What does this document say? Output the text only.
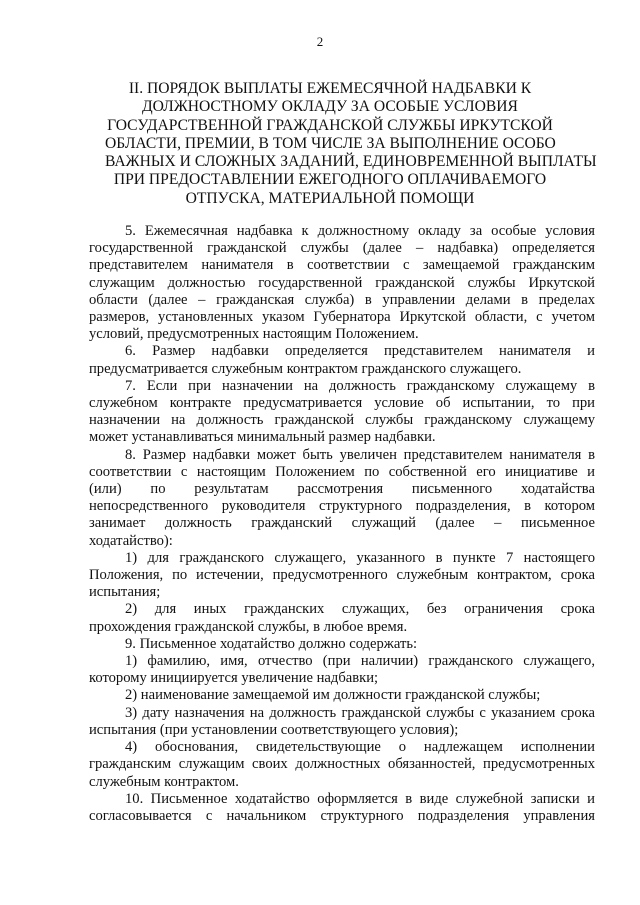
2
II. ПОРЯДОК ВЫПЛАТЫ ЕЖЕМЕСЯЧНОЙ НАДБАВКИ К
ДОЛЖНОСТНОМУ ОКЛАДУ ЗА ОСОБЫЕ УСЛОВИЯ
ГОСУДАРСТВЕННОЙ ГРАЖДАНСКОЙ СЛУЖБЫ ИРКУТСКОЙ
ОБЛАСТИ, ПРЕМИИ, В ТОМ ЧИСЛЕ ЗА ВЫПОЛНЕНИЕ ОСОБО
ВАЖНЫХ И СЛОЖНЫХ ЗАДАНИЙ, ЕДИНОВРЕМЕННОЙ ВЫПЛАТЫ
ПРИ ПРЕДОСТАВЛЕНИИ ЕЖЕГОДНОГО ОПЛАЧИВАЕМОГО
ОТПУСКА, МАТЕРИАЛЬНОЙ ПОМОЩИ
5. Ежемесячная надбавка к должностному окладу за особые условия
государственной гражданской службы (далее – надбавка) определяется
представителем нанимателя в соответствии с замещаемой гражданским
служащим должностью государственной гражданской службы Иркутской
области (далее – гражданская служба) в управлении делами в пределах
размеров, установленных указом Губернатора Иркутской области, с учетом
условий, предусмотренных настоящим Положением.
6. Размер надбавки определяется представителем нанимателя и
предусматривается служебным контрактом гражданского служащего.
7. Если при назначении на должность гражданскому служащему в
служебном контракте предусматривается условие об испытании, то при
назначении на должность гражданской службы гражданскому служащему
может устанавливаться минимальный размер надбавки.
8. Размер надбавки может быть увеличен представителем нанимателя в
соответствии с настоящим Положением по собственной его инициативе и
(или) по результатам рассмотрения письменного ходатайства
непосредственного руководителя структурного подразделения, в котором
занимает должность гражданский служащий (далее – письменное
ходатайство):
1) для гражданского служащего, указанного в пункте 7 настоящего
Положения, по истечении, предусмотренного служебным контрактом, срока
испытания;
2) для иных гражданских служащих, без ограничения срока
прохождения гражданской службы, в любое время.
9. Письменное ходатайство должно содержать:
1) фамилию, имя, отчество (при наличии) гражданского служащего,
которому инициируется увеличение надбавки;
2) наименование замещаемой им должности гражданской службы;
3) дату назначения на должность гражданской службы с указанием срока
испытания (при установлении соответствующего условия);
4) обоснования, свидетельствующие о надлежащем исполнении
гражданским служащим своих должностных обязанностей, предусмотренных
служебным контрактом.
10. Письменное ходатайство оформляется в виде служебной записки и
согласовывается с начальником структурного подразделения управления
